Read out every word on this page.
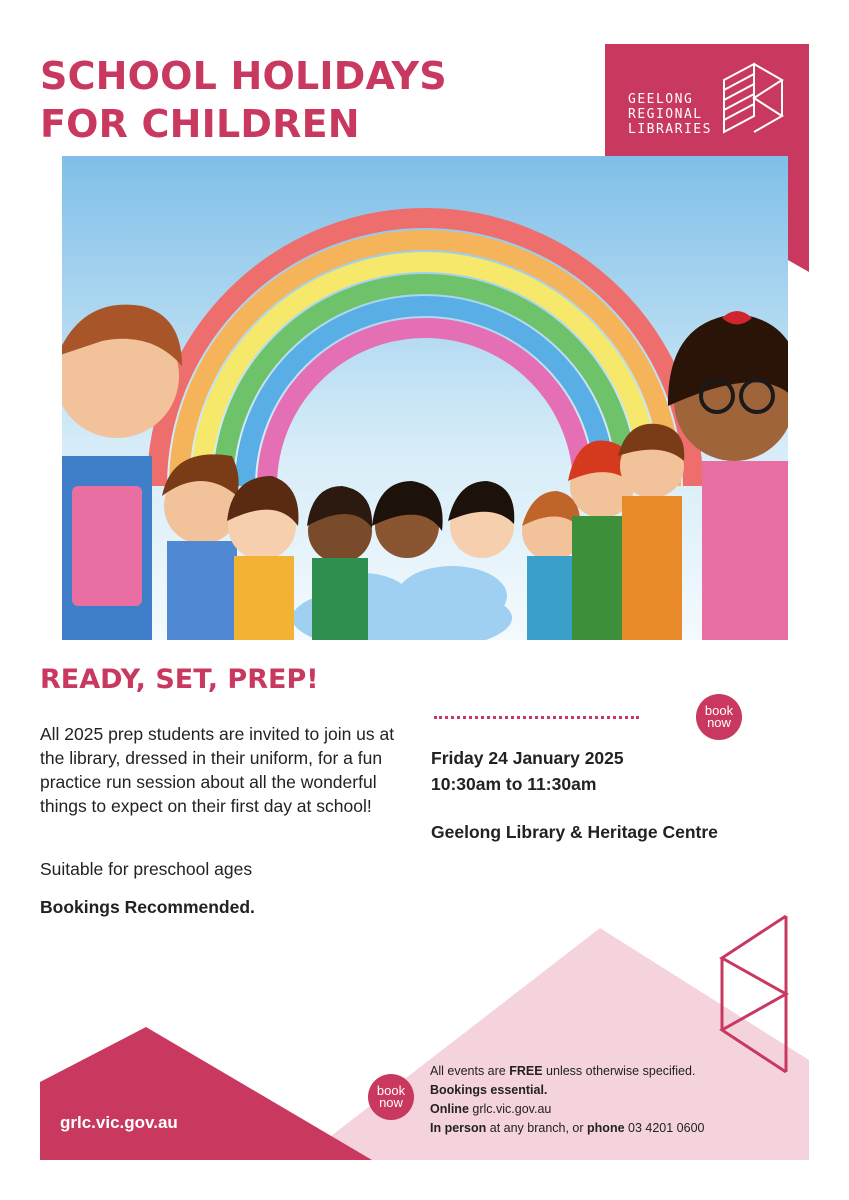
SCHOOL HOLIDAYS
FOR CHILDREN
GEELONG
REGIONAL
LIBRARIES
READY, SET, PREP!
All 2025 prep students are invited to join us at the library, dressed in their uniform, for a fun practice run session about all the wonderful things to expect on their first day at school!
Suitable for preschool ages
Bookings Recommended.
book
now
Friday 24 January 2025
10:30am to 11:30am
Geelong Library & Heritage Centre
grlc.vic.gov.au
book
now
All events are FREE unless otherwise specified.
Bookings essential.
Online grlc.vic.gov.au
In person at any branch, or phone 03 4201 0600
